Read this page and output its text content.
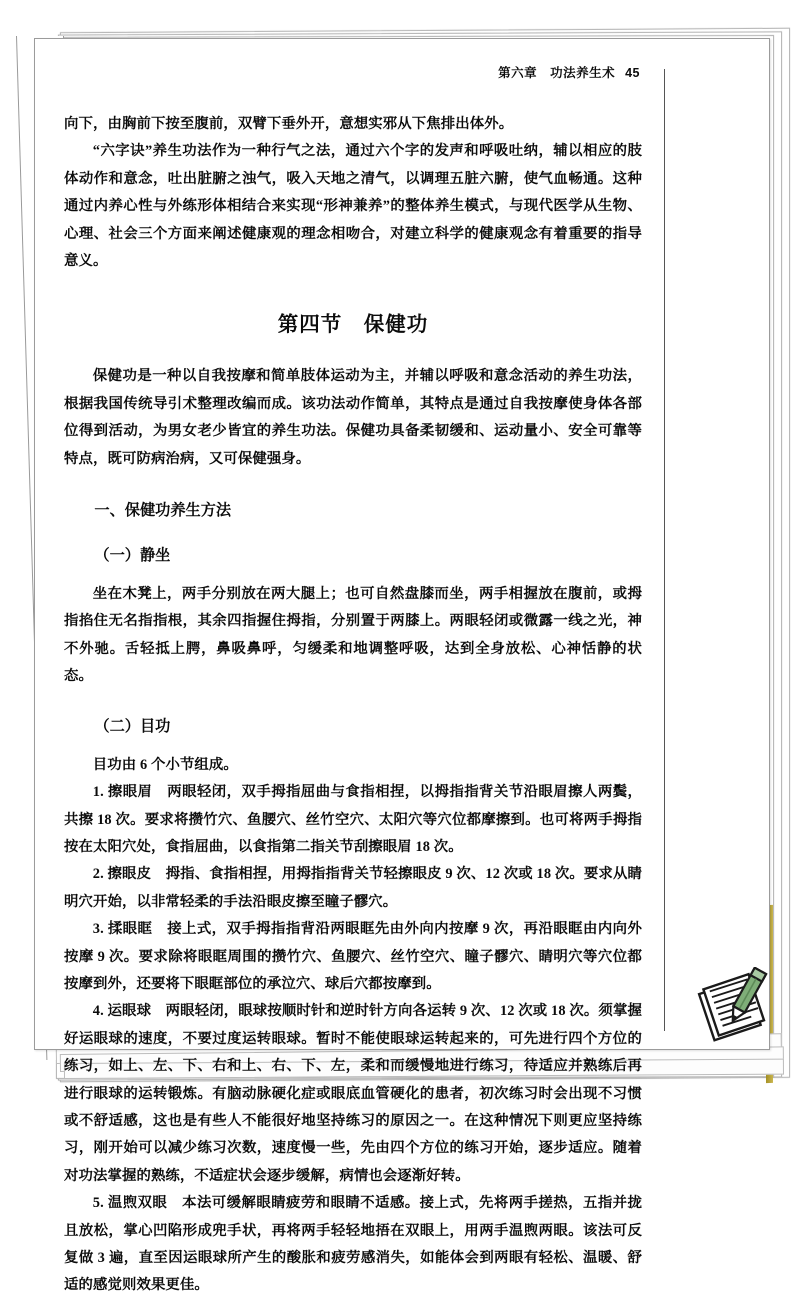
第六章　功法养生术 45

向下，由胸前下按至腹前，双臂下垂外开，意想实邪从下焦排出体外。

“六字诀”养生功法作为一种行气之法，通过六个字的发声和呼吸吐纳，辅以相应的肢体动作和意念，吐出脏腑之浊气，吸入天地之清气，以调理五脏六腑，使气血畅通。这种通过内养心性与外练形体相结合来实现“形神兼养”的整体养生模式，与现代医学从生物、心理、社会三个方面来阐述健康观的理念相吻合，对建立科学的健康观念有着重要的指导意义。

第四节　保健功

保健功是一种以自我按摩和简单肢体运动为主，并辅以呼吸和意念活动的养生功法，根据我国传统导引术整理改编而成。该功法动作简单，其特点是通过自我按摩使身体各部位得到活动，为男女老少皆宜的养生功法。保健功具备柔韧缓和、运动量小、安全可靠等特点，既可防病治病，又可保健强身。

一、保健功养生方法
（一）静坐

坐在木凳上，两手分别放在两大腿上；也可自然盘膝而坐，两手相握放在腹前，或拇指掐住无名指指根，其余四指握住拇指，分别置于两膝上。两眼轻闭或微露一线之光，神不外驰。舌轻抵上腭，鼻吸鼻呼，匀缓柔和地调整呼吸，达到全身放松、心神恬静的状态。

（二）目功

目功由 6 个小节组成。

1. 擦眼眉　 两眼轻闭，双手拇指屈曲与食指相捏，以拇指指背关节沿眼眉擦人两鬓，共擦 18 次。要求将攒竹穴、鱼腰穴、丝竹空穴、太阳穴等穴位都摩擦到。也可将两手拇指按在太阳穴处，食指屈曲，以食指第二指关节刮擦眼眉 18 次。

2. 擦眼皮　 拇指、食指相捏，用拇指指背关节轻擦眼皮 9 次、12 次或 18 次。要求从睛明穴开始，以非常轻柔的手法沿眼皮擦至瞳子髎穴。

3. 揉眼眶　 接上式，双手拇指指背沿两眼眶先由外向内按摩 9 次，再沿眼眶由内向外按摩 9 次。要求除将眼眶周围的攒竹穴、鱼腰穴、丝竹空穴、瞳子髎穴、睛明穴等穴位都按摩到外，还要将下眼眶部位的承泣穴、球后穴都按摩到。

4. 运眼球　 两眼轻闭，眼球按顺时针和逆时针方向各运转 9 次、12 次或 18 次。须掌握好运眼球的速度，不要过度运转眼球。暂时不能使眼球运转起来的，可先进行四个方位的练习，如上、左、下、右和上、右、下、左，柔和而缓慢地进行练习，待适应并熟练后再进行眼球的运转锻炼。有脑动脉硬化症或眼底血管硬化的患者，初次练习时会出现不习惯或不舒适感，这也是有些人不能很好地坚持练习的原因之一。在这种情况下则更应坚持练习，刚开始可以减少练习次数，速度慢一些，先由四个方位的练习开始，逐步适应。随着对功法掌握的熟练，不适症状会逐步缓解，病情也会逐渐好转。

5. 温煦双眼　 本法可缓解眼睛疲劳和眼睛不适感。接上式，先将两手搓热，五指并拢且放松，掌心凹陷形成兜手状，再将两手轻轻地捂在双眼上，用两手温煦两眼。该法可反复做 3 遍，直至因运眼球所产生的酸胀和疲劳感消失，如能体会到两眼有轻松、温暖、舒适的感觉则效果更佳。
